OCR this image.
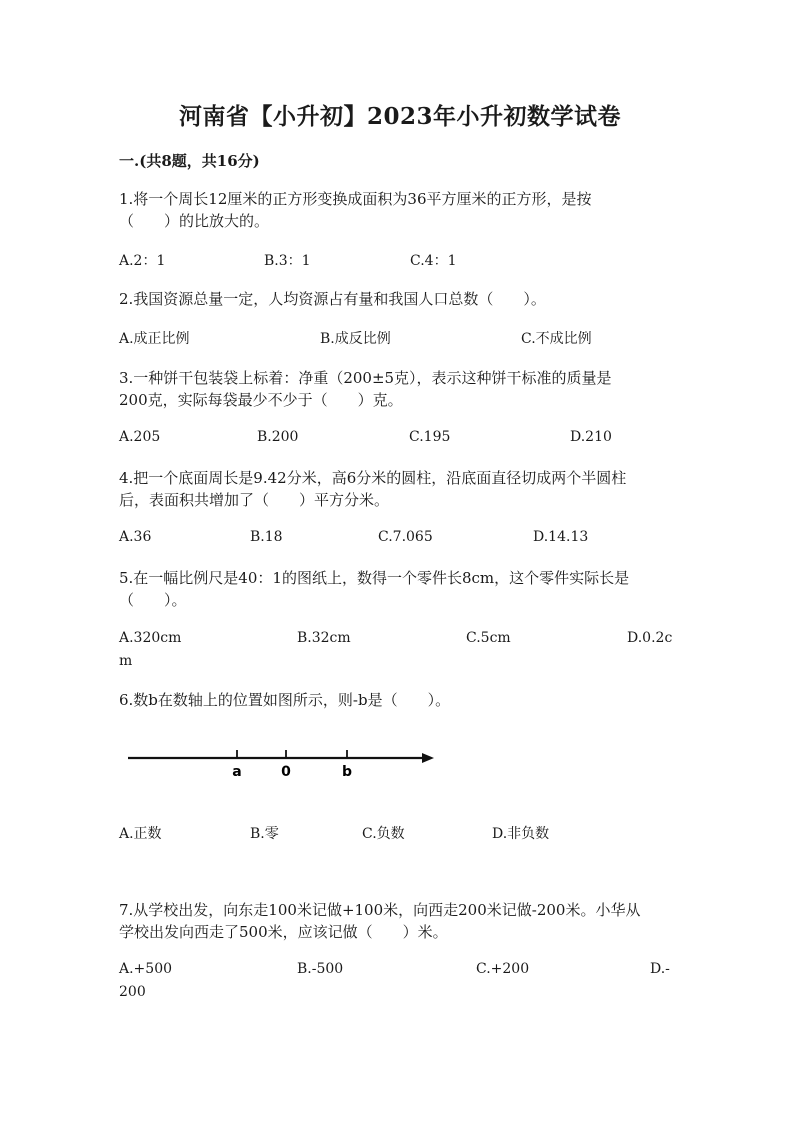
河南省【小升初】2023年小升初数学试卷
一.(共8题，共16分)
1.将一个周长12厘米的正方形变换成面积为36平方厘米的正方形，是按
（　　）的比放大的。
A.2：1	B.3：1	C.4：1
2.我国资源总量一定，人均资源占有量和我国人口总数（　　）。
A.成正比例	B.成反比例	C.不成比例
3.一种饼干包装袋上标着：净重（200±5克），表示这种饼干标准的质量是
200克，实际每袋最少不少于（　　）克。
A.205	B.200	C.195	D.210
4.把一个底面周长是9.42分米，高6分米的圆柱，沿底面直径切成两个半圆柱
后，表面积共增加了（　　）平方分米。
A.36	B.18	C.7.065	D.14.13
5.在一幅比例尺是40：1的图纸上，数得一个零件长8cm，这个零件实际长是
（　　）。
A.320cm	B.32cm	C.5cm	D.0.2c
m
6.数b在数轴上的位置如图所示，则-b是（　　）。
a	0	b
A.正数	B.零	C.负数	D.非负数
7.从学校出发，向东走100米记做+100米，向西走200米记做-200米。小华从
学校出发向西走了500米，应该记做（　　）米。
A.+500	B.-500	C.+200	D.-
200
